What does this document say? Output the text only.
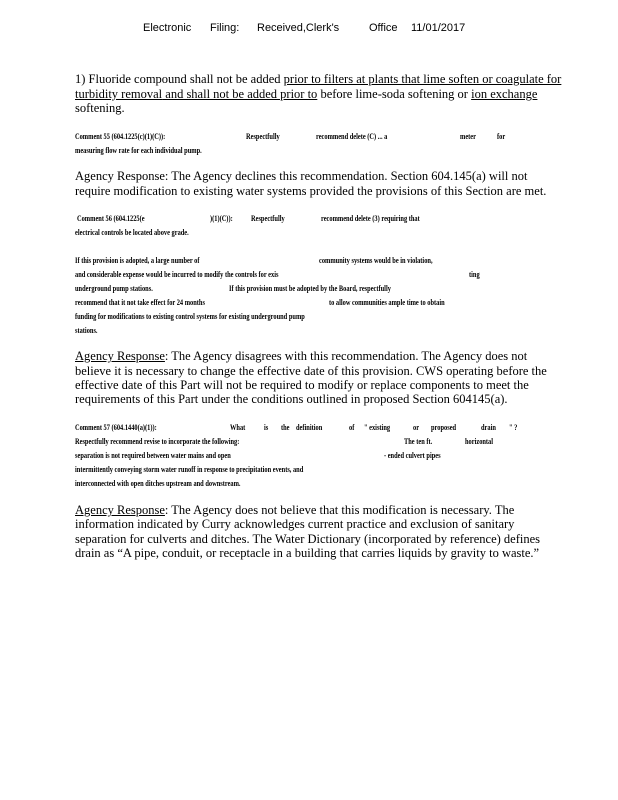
Electronic Filing: Received,Clerk's	Office 11/01/2017
1) Fluoride compound shall not be added prior to filters at plants that lime soften or coagulate for
turbidity removal and shall not be added prior to before lime-soda softening or ion exchange
softening.
Comment 55 (604.1225(c)(1)(C)):	Respectfully	recommend delete (C) ... a	meter	for
measuring flow rate for each individual pump.
Agency Response: The Agency declines this recommendation. Section 604.145(a) will not
require modification to existing water systems provided the provisions of this Section are met.
Comment 56 (604.1225(e	)(1)(C)): Respectfully	recommend delete (3) requiring that
electrical controls be located above grade.
If this provision is adopted, a large number of	community systems would be in violation,
and considerable expense would be incurred to modify the controls for exis	ting
underground pump stations.	If this provision must be adopted by the Board, respectfully
recommend that it not take effect for 24 months	to allow communities ample time to obtain
funding for modifications to existing control systems for existing underground pump
stations.
Agency Response: The Agency disagrees with this recommendation. The Agency does not
believe it is necessary to change the effective date of this provision. CWS operating before the
effective date of this Part will not be required to modify or replace components to meet the
requirements of this Part under the conditions outlined in proposed Section 604145(a).
Comment 57 (604.1440(a)(1)):	What is the definition	of " existing	or proposed	drain " ?
Respectfully recommend revise to incorporate the following:	The ten ft.	horizontal
separation is not required between water mains and open	- ended culvert pipes
intermittently conveying storm water runoff in response to precipitation events, and
interconnected with open ditches upstream and downstream.
Agency Response: The Agency does not believe that this modification is necessary. The
information indicated by Curry acknowledges current practice and exclusion of sanitary
separation for culverts and ditches. The Water Dictionary (incorporated by reference) defines
drain as “A pipe, conduit, or receptacle in a building that carries liquids by gravity to waste.”
